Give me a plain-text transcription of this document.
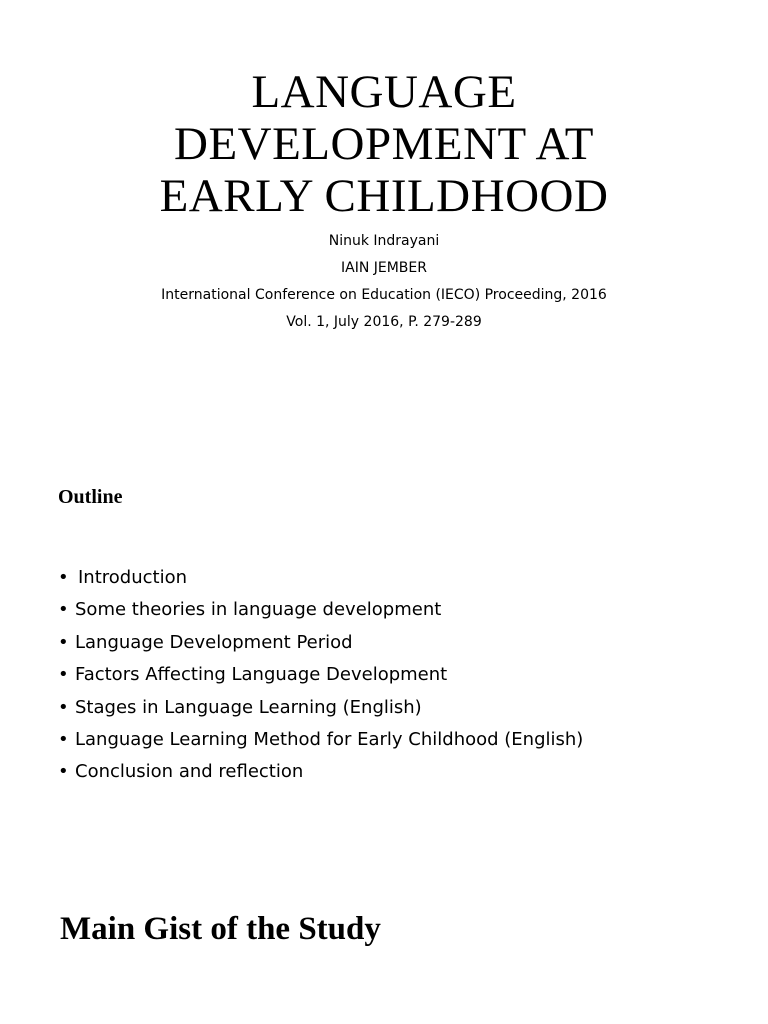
LANGUAGE
DEVELOPMENT AT
EARLY CHILDHOOD
Ninuk Indrayani
IAIN JEMBER
International Conference on Education (IECO) Proceeding, 2016
Vol. 1, July 2016, P. 279-289
Outline
• Introduction
• Some theories in language development
• Language Development Period
• Factors Affecting Language Development
• Stages in Language Learning (English)
• Language Learning Method for Early Childhood (English)
• Conclusion and reflection
Main Gist of the Study
